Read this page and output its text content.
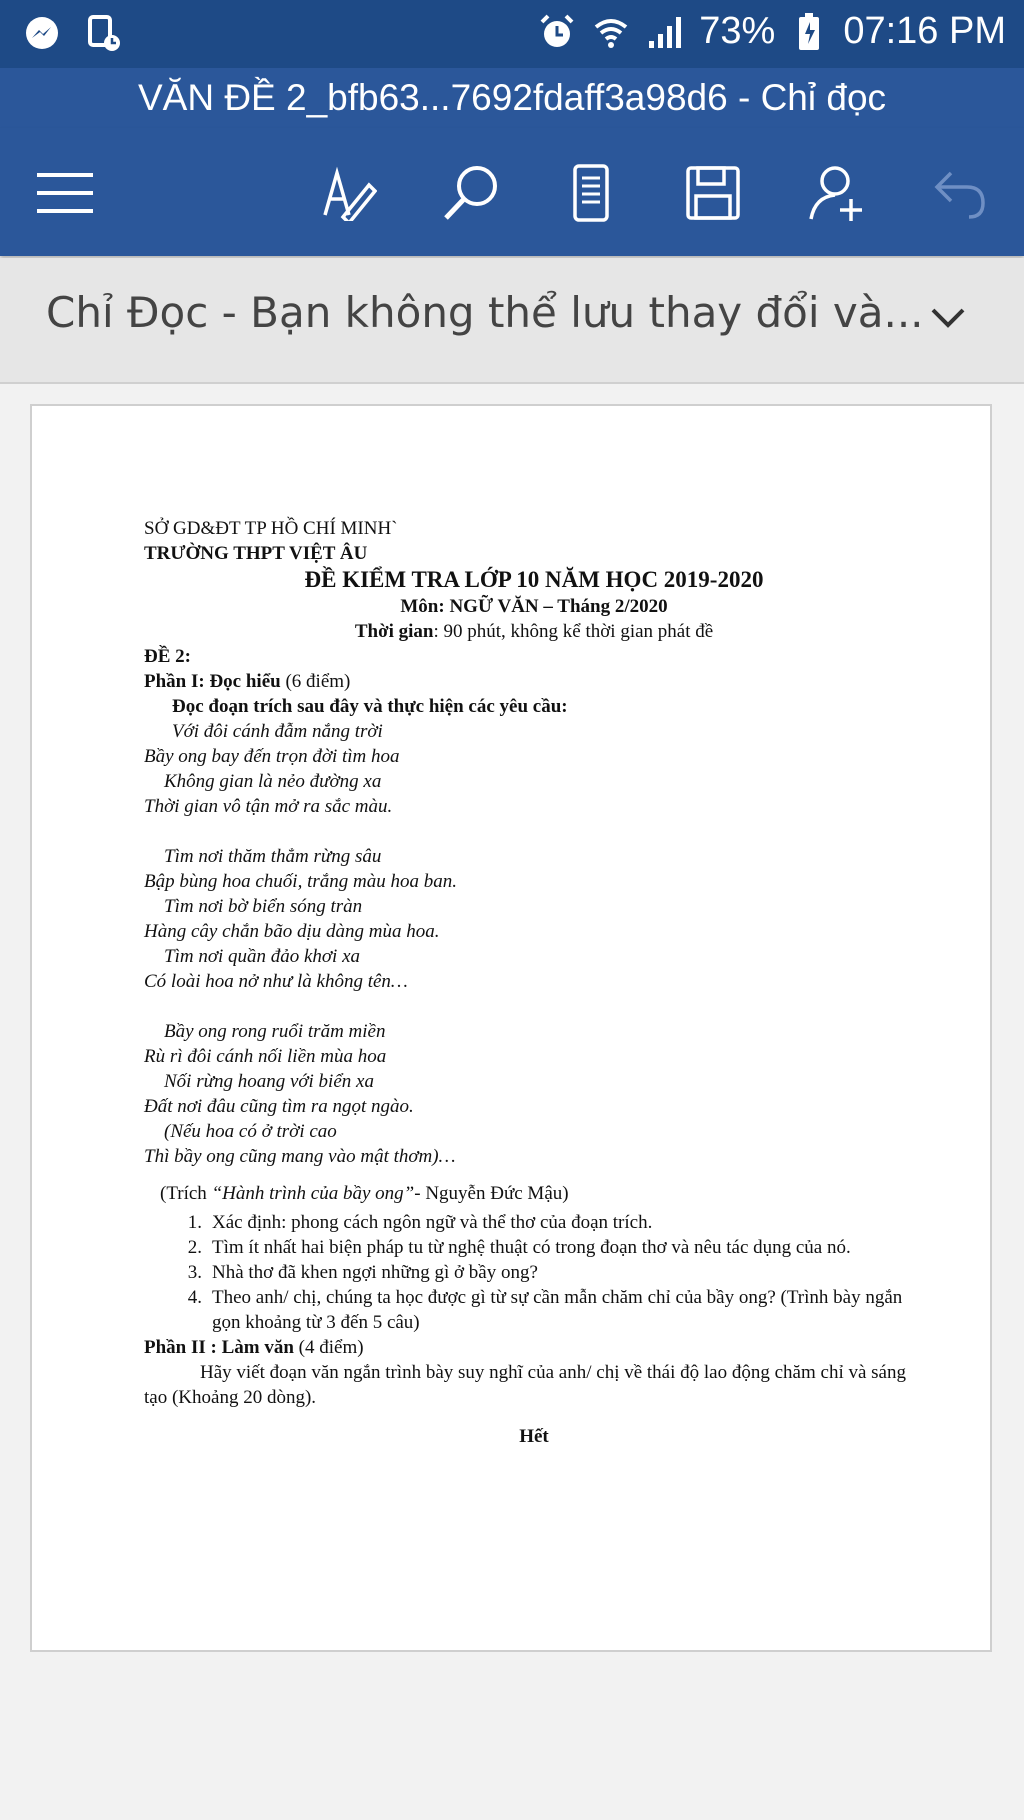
73% 07:16 PM
VĂN ĐỀ 2_bfb63...7692fdaff3a98d6 - Chỉ đọc
Chỉ Đọc - Bạn không thể lưu thay đổi và...
SỞ GD&ĐT TP HỒ CHÍ MINH`
TRƯỜNG THPT VIỆT ÂU
ĐỀ KIỂM TRA LỚP 10 NĂM HỌC 2019-2020
Môn: NGỮ VĂN – Tháng 2/2020
Thời gian: 90 phút, không kể thời gian phát đề
ĐỀ 2:
Phần I: Đọc hiểu (6 điểm)
Đọc đoạn trích sau đây và thực hiện các yêu cầu:
Với đôi cánh đẫm nắng trời
Bầy ong bay đến trọn đời tìm hoa
Không gian là nẻo đường xa
Thời gian vô tận mở ra sắc màu.
Tìm nơi thăm thẳm rừng sâu
Bập bùng hoa chuối, trắng màu hoa ban.
Tìm nơi bờ biển sóng tràn
Hàng cây chắn bão dịu dàng mùa hoa.
Tìm nơi quần đảo khơi xa
Có loài hoa nở như là không tên…
Bầy ong rong ruổi trăm miền
Rù rì đôi cánh nối liền mùa hoa
Nối rừng hoang với biển xa
Đất nơi đâu cũng tìm ra ngọt ngào.
(Nếu hoa có ở trời cao
Thì bầy ong cũng mang vào mật thơm)…
(Trích “Hành trình của bầy ong”- Nguyễn Đức Mậu)
1. Xác định: phong cách ngôn ngữ và thể thơ của đoạn trích.
2. Tìm ít nhất hai biện pháp tu từ nghệ thuật có trong đoạn thơ và nêu tác dụng của nó.
3. Nhà thơ đã khen ngợi những gì ở bầy ong?
4. Theo anh/ chị, chúng ta học được gì từ sự cần mẫn chăm chỉ của bầy ong? (Trình bày ngắn gọn khoảng từ 3 đến 5 câu)
Phần II : Làm văn (4 điểm)
Hãy viết đoạn văn ngắn trình bày suy nghĩ của anh/ chị về thái độ lao động chăm chỉ và sáng tạo (Khoảng 20 dòng).
Hết
